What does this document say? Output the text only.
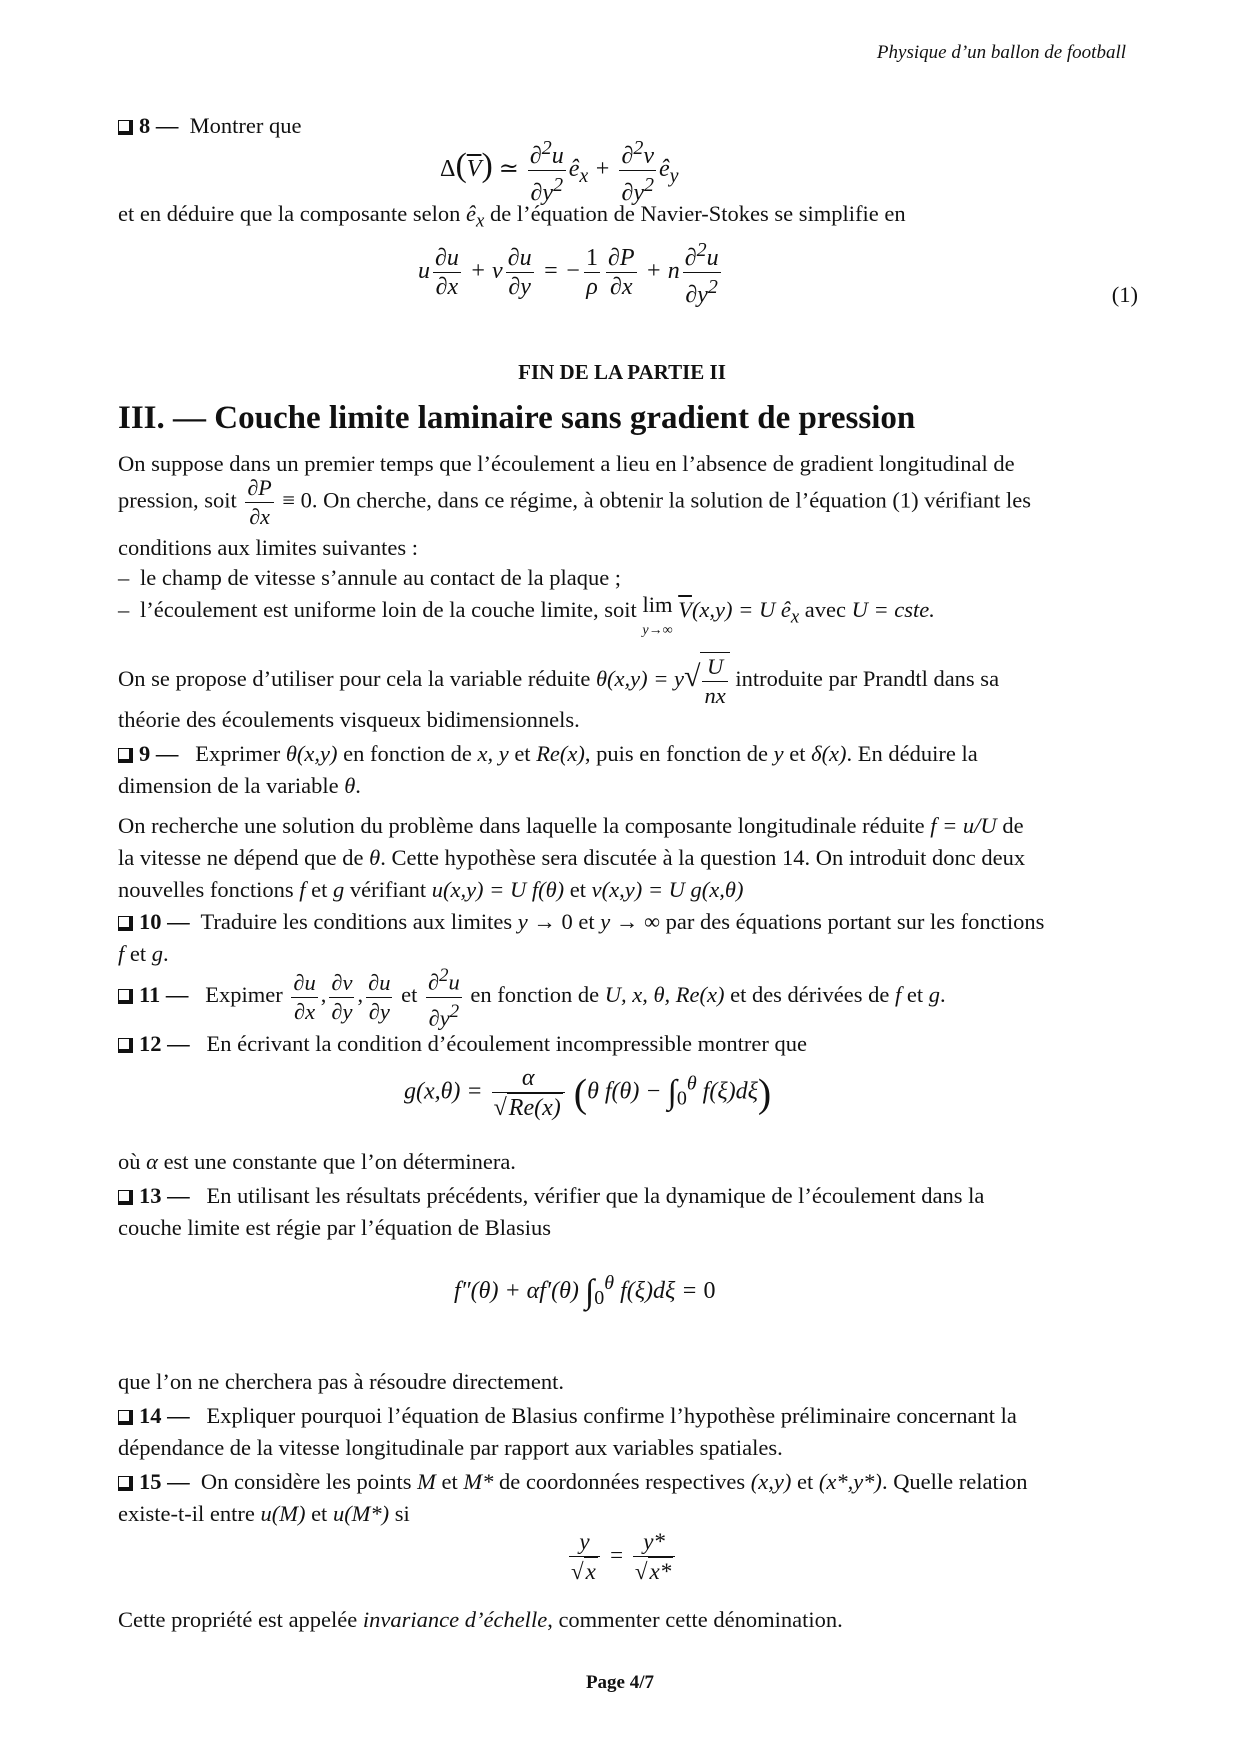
Physique d’un ballon de football

8 — Montrer que

$\Delta(\overline{V})$ ≃ $\frac{\partial^2u}{\partial y^2}$ $ê_x + \frac{\partial^2v}{\partial y^2}$ $ê_y$

et en déduire que la composante selon $ê_x$ de l’équation de Navier-Stokes se simplifie en

u $\frac{\partial u}{\partial x} + v \frac{\partial u}{\partial y}$ = − $\frac{1}{\rho} \frac{\partial P}{\partial x} + n \frac{\partial^2u}{\partial y^2}$	(1)
FIN DE LA PARTIE II
III. — Couche limite laminaire sans gradient de pression

On suppose dans un premier temps que l’écoulement a lieu en l’absence de gradient longitudinal de

pression, soit $\frac{\partial P}{\partial x} \equiv 0$. On cherche, dans ce régime, à obtenir la solution de l’équation (1) vérifiant les

conditions aux limites suivantes :

– le champ de vitesse s’annule au contact de la plaque ;

– l’écoulement est uniforme loin de la couche limite, soit lim
y→∞ $\overline{V}(x,y) = U$ $ê_x$ avec U = cste.

On se propose d’utiliser pour cela la variable réduite $\theta(x,y) = y√ \frac{U}{nx}$ introduite par Prandtl dans sa

théorie des écoulements visqueux bidimensionnels.

9 — Exprimer θ(x,y) en fonction de x, y et Re(x), puis en fonction de y et δ(x). En déduire la

dimension de la variable θ.

On recherche une solution du problème dans laquelle la composante longitudinale réduite f = u/U de

la vitesse ne dépend que de θ. Cette hypothèse sera discutée à la question 14. On introduit donc deux

nouvelles fonctions f et g vérifiant u(x,y) = U f(θ) et v(x,y) = U g(x,θ)

10 — Traduire les conditions aux limites y → 0 et y → ∞ par des équations portant sur les fonctions

f et g.

11 — Expimer $\frac{\partial u}{\partial x}$ , $\frac{\partial v}{\partial y}$ , $\frac{\partial u}{\partial y}$ et $\frac{\partial^2u}{\partial y^2}$ en fonction de U, x, θ, Re(x) et des dérivées de f et g.

12 — En écrivant la condition d’écoulement incompressible montrer que

$g(x,\theta) = \frac{\alpha}{√Re(x)} (\theta$ $f(\theta) - \int_0^\theta$ f(ξ)dξ)

où α est une constante que l’on déterminera.

13 — En utilisant les résultats précédents, vérifier que la dynamique de l’écoulement dans la

couche limite est régie par l’équation de Blasius

f″(θ) + αf′(θ) $\int_0^\theta$ f(ξ)dξ = 0

que l’on ne cherchera pas à résoudre directement.

14 — Expliquer pourquoi l’équation de Blasius confirme l’hypothèse préliminaire concernant la

dépendance de la vitesse longitudinale par rapport aux variables spatiales.

15 — On considère les points M et M* de coordonnées respectives (x,y) et (x*,y*). Quelle relation

existe-t-il entre u(M) et u(M*) si

$\frac{y}{√x} = \frac{y*}{√x*}$

Cette propriété est appelée invariance d’échelle, commenter cette dénomination.

Page 4/7
